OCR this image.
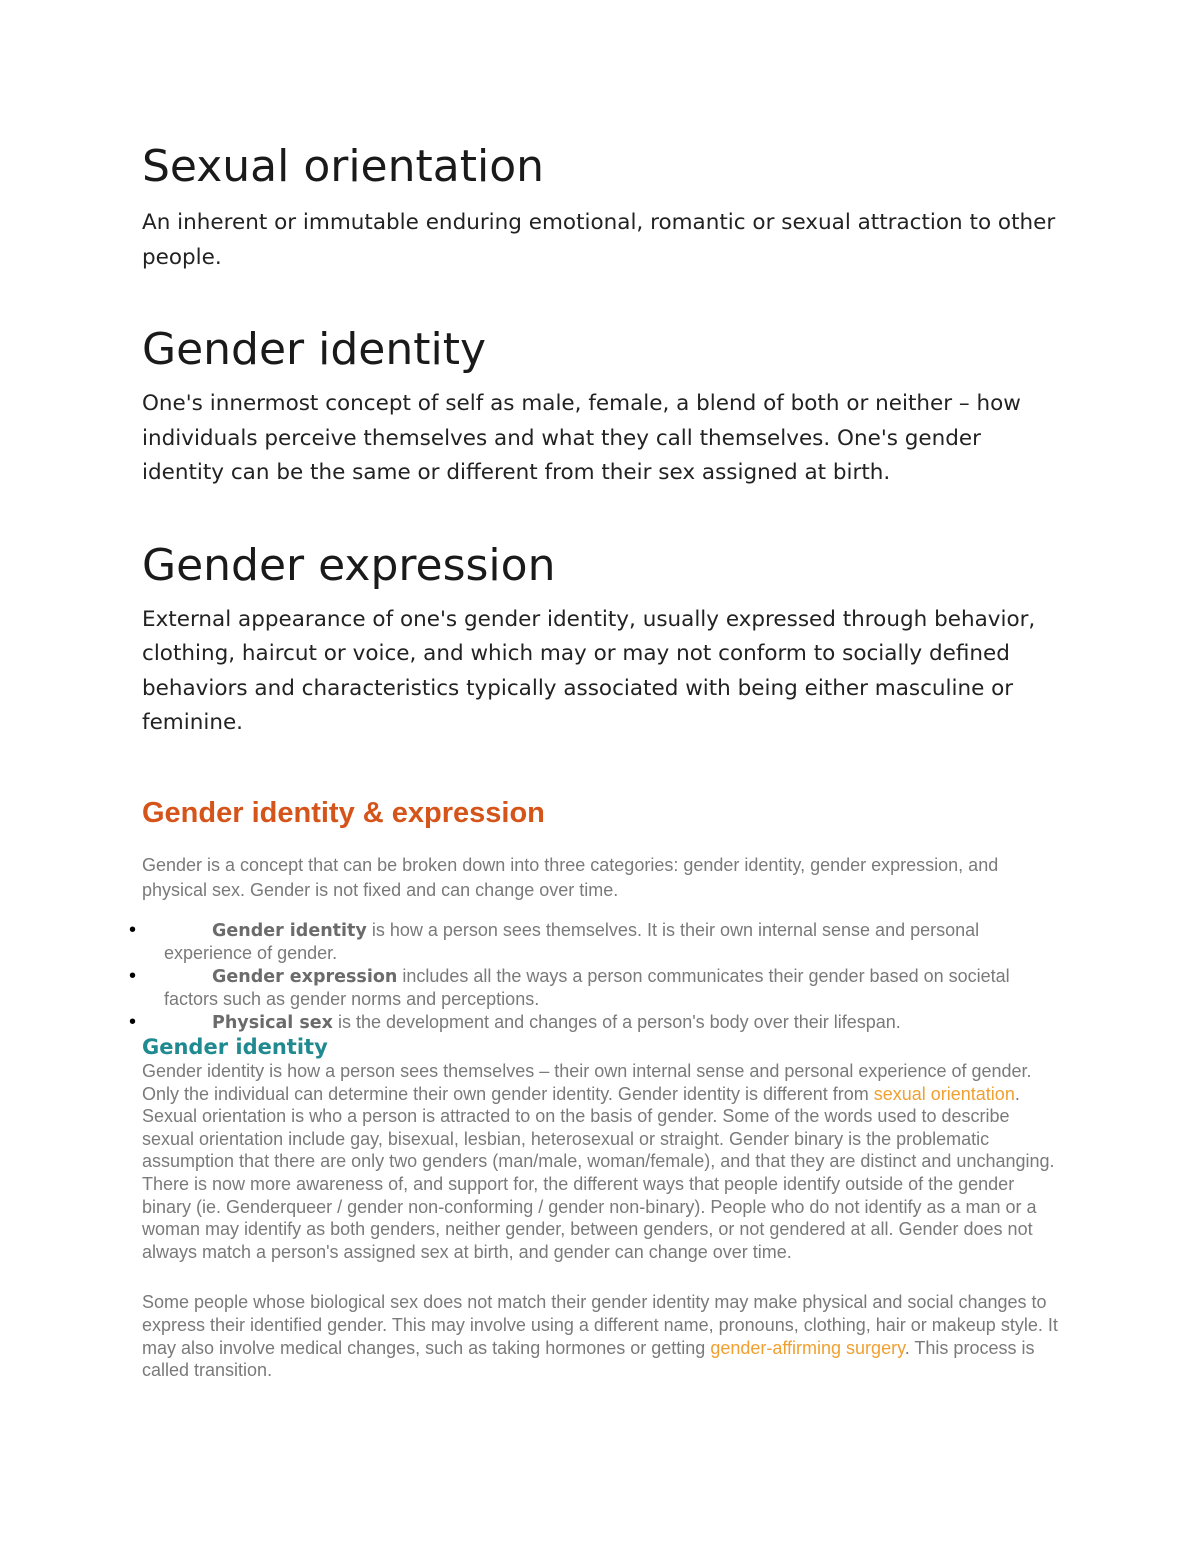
Sexual orientation

An inherent or immutable enduring emotional, romantic or sexual attraction to other people.

Gender identity

One's innermost concept of self as male, female, a blend of both or neither – how individuals perceive themselves and what they call themselves. One's gender identity can be the same or different from their sex assigned at birth.

Gender expression

External appearance of one's gender identity, usually expressed through behavior, clothing, haircut or voice, and which may or may not conform to socially defined behaviors and characteristics typically associated with being either masculine or feminine.

Gender identity & expression

Gender is a concept that can be broken down into three categories: gender identity, gender expression, and physical sex. Gender is not fixed and can change over time.

•	Gender identity is how a person sees themselves. It is their own internal sense and personal experience of gender.
•	Gender expression includes all the ways a person communicates their gender based on societal factors such as gender norms and perceptions.
•	Physical sex is the development and changes of a person's body over their lifespan.
Gender identity

Gender identity is how a person sees themselves – their own internal sense and personal experience of gender. Only the individual can determine their own gender identity. Gender identity is different from sexual orientation. Sexual orientation is who a person is attracted to on the basis of gender. Some of the words used to describe sexual orientation include gay, bisexual, lesbian, heterosexual or straight. Gender binary is the problematic assumption that there are only two genders (man/male, woman/female), and that they are distinct and unchanging. There is now more awareness of, and support for, the different ways that people identify outside of the gender binary (ie. Genderqueer / gender non-conforming / gender non-binary). People who do not identify as a man or a woman may identify as both genders, neither gender, between genders, or not gendered at all. Gender does not always match a person's assigned sex at birth, and gender can change over time.

Some people whose biological sex does not match their gender identity may make physical and social changes to express their identified gender. This may involve using a different name, pronouns, clothing, hair or makeup style. It may also involve medical changes, such as taking hormones or getting gender-affirming surgery. This process is called transition.
